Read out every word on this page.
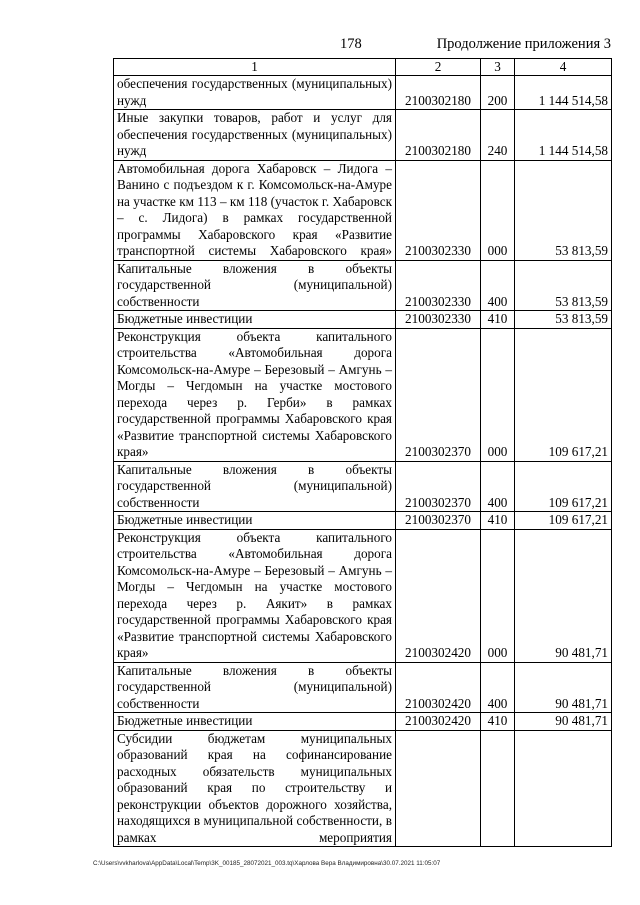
178	Продолжение приложения 3
1	2	3	4
обеспечения государственных (муниципальных) нужд	2100302180	200	1 144 514,58
Иные закупки товаров, работ и услуг для обеспечения государственных (муниципальных) нужд	2100302180	240	1 144 514,58
Автомобильная дорога Хабаровск – Лидога – Ванино с подъездом к г. Комсомольск-на-Амуре на участке км 113 – км 118 (участок г. Хабаровск – с. Лидога) в рамках государственной программы Хабаровского края «Развитие транспортной системы Хабаровского края»	2100302330	000	53 813,59
Капитальные вложения в объекты государственной (муниципальной) собственности	2100302330	400	53 813,59
Бюджетные инвестиции	2100302330	410	53 813,59
Реконструкция объекта капитального строительства «Автомобильная дорога Комсомольск-на-Амуре – Березовый – Амгунь – Могды – Чегдомын на участке мостового перехода через р. Герби» в рамках государственной программы Хабаровского края «Развитие транспортной системы Хабаровского края»	2100302370	000	109 617,21
Капитальные вложения в объекты государственной (муниципальной) собственности	2100302370	400	109 617,21
Бюджетные инвестиции	2100302370	410	109 617,21
Реконструкция объекта капитального строительства «Автомобильная дорога Комсомольск-на-Амуре – Березовый – Амгунь – Могды – Чегдомын на участке мостового перехода через р. Аякит» в рамках государственной программы Хабаровского края «Развитие транспортной системы Хабаровского края»	2100302420	000	90 481,71
Капитальные вложения в объекты государственной (муниципальной) собственности	2100302420	400	90 481,71
Бюджетные инвестиции	2100302420	410	90 481,71
Субсидии бюджетам муниципальных образований края на софинансирование расходных обязательств муниципальных образований края по строительству и реконструкции объектов дорожного хозяйства, находящихся в муниципальной собственности, в рамках мероприятия			
C:\Users\vvkharlova\AppData\Local\Temp\3K_00185_28072021_003.tq\Харлова Вера Владимировна\30.07.2021 11:05:07
